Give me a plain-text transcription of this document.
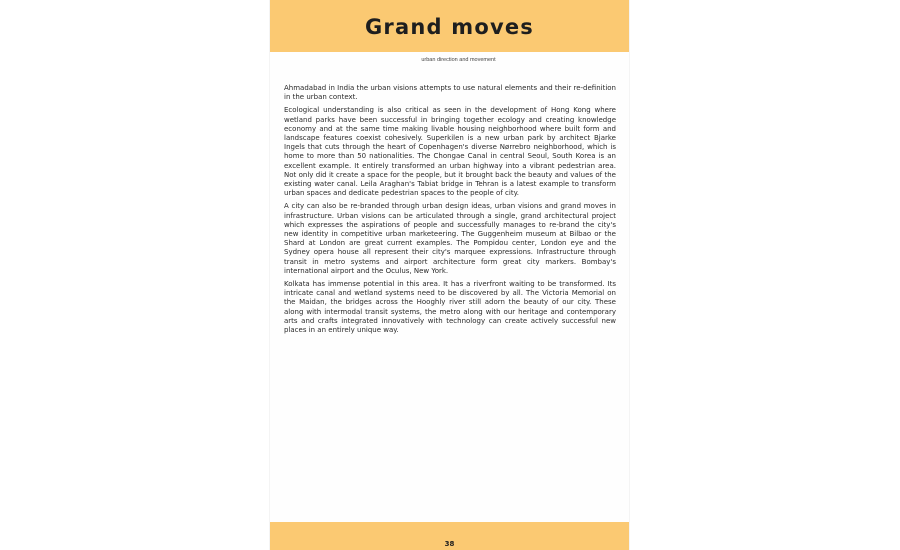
Grand moves
urban direction and movement

Ahmadabad in India the urban visions attempts to use natural elements and their re-definition in the urban context.

Ecological understanding is also critical as seen in the development of Hong Kong where wetland parks have been successful in bringing together ecology and creating knowledge economy and at the same time making livable housing neighborhood where built form and landscape features coexist cohesively. Superkilen is a new urban park by architect Bjarke Ingels that cuts through the heart of Copenhagen's diverse Nørrebro neighborhood, which is home to more than 50 nationalities. The Chongae Canal in central Seoul, South Korea is an excellent example. It entirely transformed an urban highway into a vibrant pedestrian area. Not only did it create a space for the people, but it brought back the beauty and values of the existing water canal. Leila Araghan's Tabiat bridge in Tehran is a latest example to transform urban spaces and dedicate pedestrian spaces to the people of city.

A city can also be re-branded through urban design ideas, urban visions and grand moves in infrastructure. Urban visions can be articulated through a single, grand architectural project which expresses the aspirations of people and successfully manages to re-brand the city's new identity in competitive urban marketeering. The Guggenheim museum at Bilbao or the Shard at London are great current examples. The Pompidou center, London eye and the Sydney opera house all represent their city's marquee expressions. Infrastructure through transit in metro systems and airport architecture form great city markers. Bombay's international airport and the Oculus, New York.

Kolkata has immense potential in this area. It has a riverfront waiting to be transformed. Its intricate canal and wetland systems need to be discovered by all. The Victoria Memorial on the Maidan, the bridges across the Hooghly river still adorn the beauty of our city. These along with intermodal transit systems, the metro along with our heritage and contemporary arts and crafts integrated innovatively with technology can create actively successful new places in an entirely unique way.

38
